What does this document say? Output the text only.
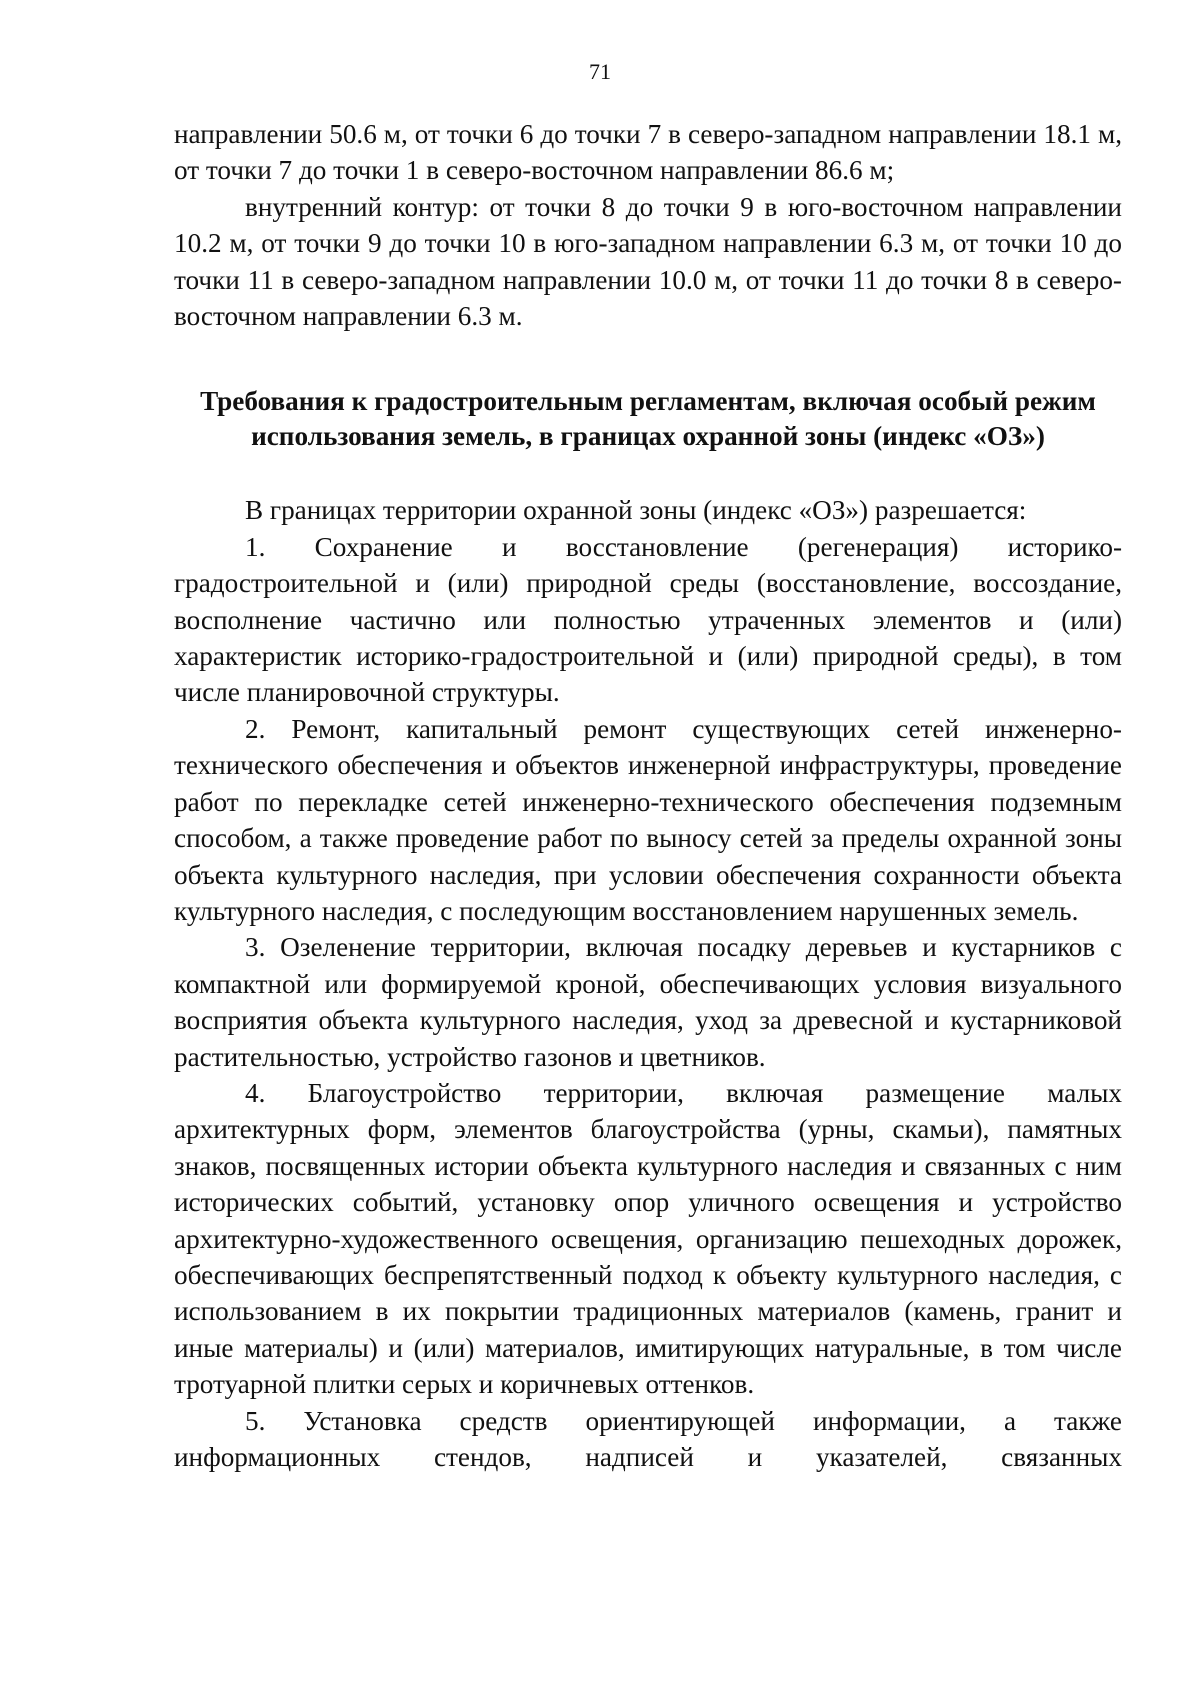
71

направлении 50.6 м, от точки 6 до точки 7 в северо-западном направлении 18.1 м, от точки 7 до точки 1 в северо-восточном направлении 86.6 м;

внутренний контур: от точки 8 до точки 9 в юго-восточном направлении 10.2 м, от точки 9 до точки 10 в юго-западном направлении 6.3 м, от точки 10 до точки 11 в северо-западном направлении 10.0 м, от точки 11 до точки 8 в северо-восточном направлении 6.3 м.

Требования к градостроительным регламентам, включая особый режим
использования земель, в границах охранной зоны (индекс «ОЗ»)

В границах территории охранной зоны (индекс «ОЗ») разрешается:

1. Сохранение и восстановление (регенерация) историко-градостроительной и (или) природной среды (восстановление, воссоздание, восполнение частично или полностью утраченных элементов и (или) характеристик историко-градостроительной и (или) природной среды), в том числе планировочной структуры.

2. Ремонт, капитальный ремонт существующих сетей инженерно-технического обеспечения и объектов инженерной инфраструктуры, проведение работ по перекладке сетей инженерно-технического обеспечения подземным способом, а также проведение работ по выносу сетей за пределы охранной зоны объекта культурного наследия, при условии обеспечения сохранности объекта культурного наследия, с последующим восстановлением нарушенных земель.

3. Озеленение территории, включая посадку деревьев и кустарников с компактной или формируемой кроной, обеспечивающих условия визуального восприятия объекта культурного наследия, уход за древесной и кустарниковой растительностью, устройство газонов и цветников.

4. Благоустройство территории, включая размещение малых архитектурных форм, элементов благоустройства (урны, скамьи), памятных знаков, посвященных истории объекта культурного наследия и связанных с ним исторических событий, установку опор уличного освещения и устройство архитектурно-художественного освещения, организацию пешеходных дорожек, обеспечивающих беспрепятственный подход к объекту культурного наследия, с использованием в их покрытии традиционных материалов (камень, гранит и иные материалы) и (или) материалов, имитирующих натуральные, в том числе тротуарной плитки серых и коричневых оттенков.

5. Установка средств ориентирующей информации, а также информационных стендов, надписей и указателей, связанных
